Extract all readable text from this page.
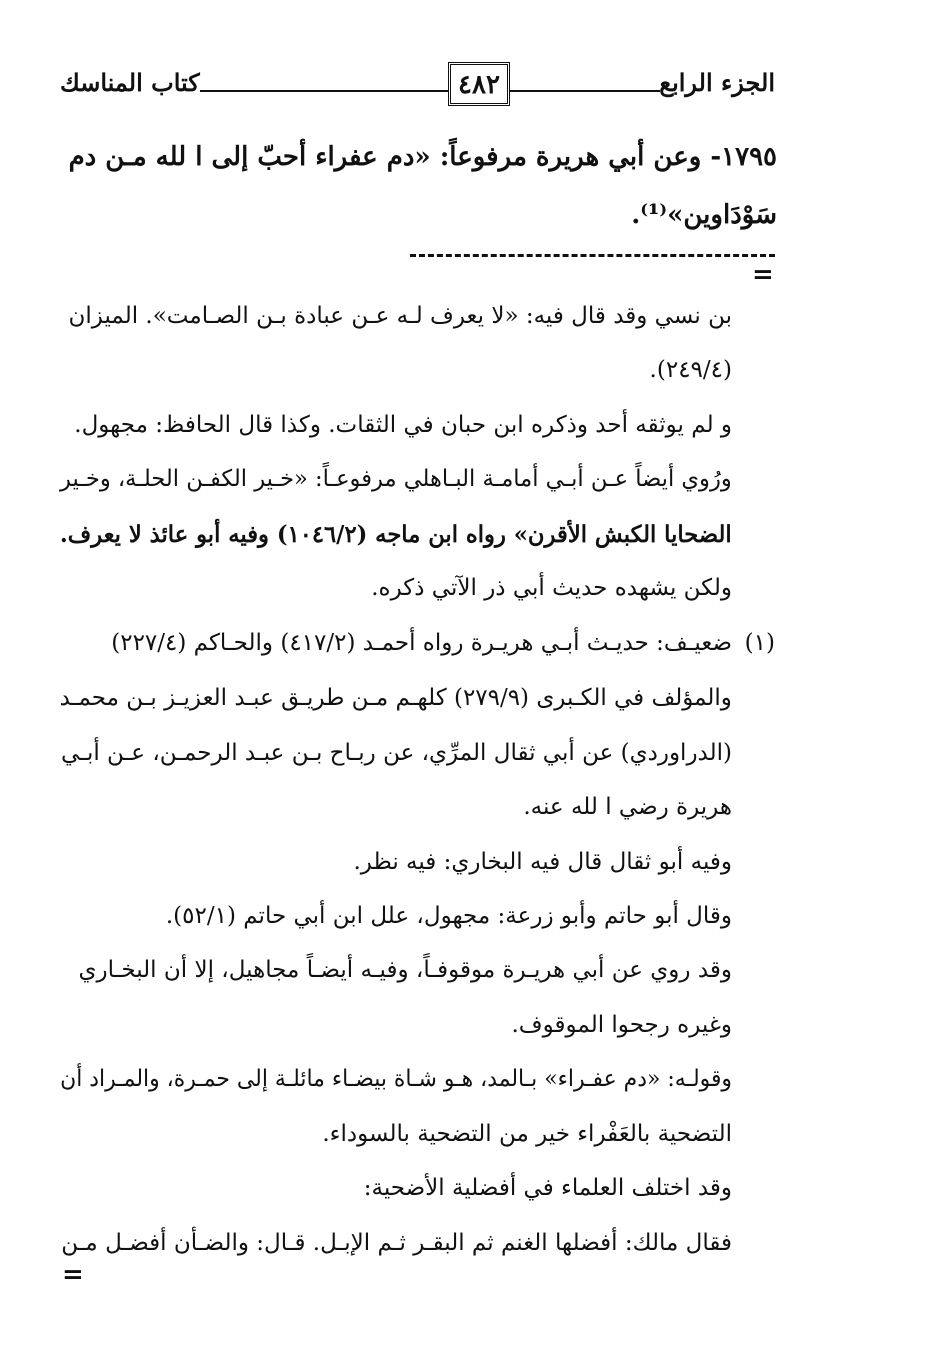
الجزء الرابع
٤٨٢
كتاب المناسك
١٧٩٥- وعن أبي هريرة مرفوعاً: «دم عفراء أحبّ إلى ا لله مـن دم
سَوْدَاوين»⁽¹⁾.
=
بن نسي وقد قال فيه: «لا يعرف لـه عـن عبادة بـن الصـامت». الميزان
(٢٤٩/٤).
و لم يوثقه أحد وذكره ابن حبان في الثقات. وكذا قال الحافظ: مجهول.
ورُوي أيضاً عـن أبـي أمامـة البـاهلي مرفوعـاً: «خـير الكفـن الحلـة، وخـير
الضحايا الكبش الأقرن» رواه ابن ماجه (١٠٤٦/٢) وفيه أبو عائذ لا يعرف.
ولكن يشهده حديث أبي ذر الآتي ذكره.
(١)
ضعيـف: حديـث أبـي هريـرة رواه أحمـد (٤١٧/٢) والحـاكم (٢٢٧/٤)
والمؤلف في الكـبرى (٢٧٩/٩) كلهـم مـن طريـق عبـد العزيـز بـن محمـد
(الدراوردي) عن أبي ثقال المرِّي، عن ربـاح بـن عبـد الرحمـن، عـن أبـي
هريرة رضي ا لله عنه.
وفيه أبو ثقال قال فيه البخاري: فيه نظر.
وقال أبو حاتم وأبو زرعة: مجهول، علل ابن أبي حاتم (٥٢/١).
وقد روي عن أبي هريـرة موقوفـاً، وفيـه أيضـاً مجاهيل، إلا أن البخـاري
وغيره رجحوا الموقوف.
وقولـه: «دم عفـراء» بـالمد، هـو شـاة بيضـاء مائلـة إلى حمـرة، والمـراد أن
التضحية بالعَفْراء خير من التضحية بالسوداء.
وقد اختلف العلماء في أفضلية الأضحية:
فقال مالك: أفضلها الغنم ثم البقـر ثـم الإبـل. قـال: والضـأن أفضـل مـن
=
